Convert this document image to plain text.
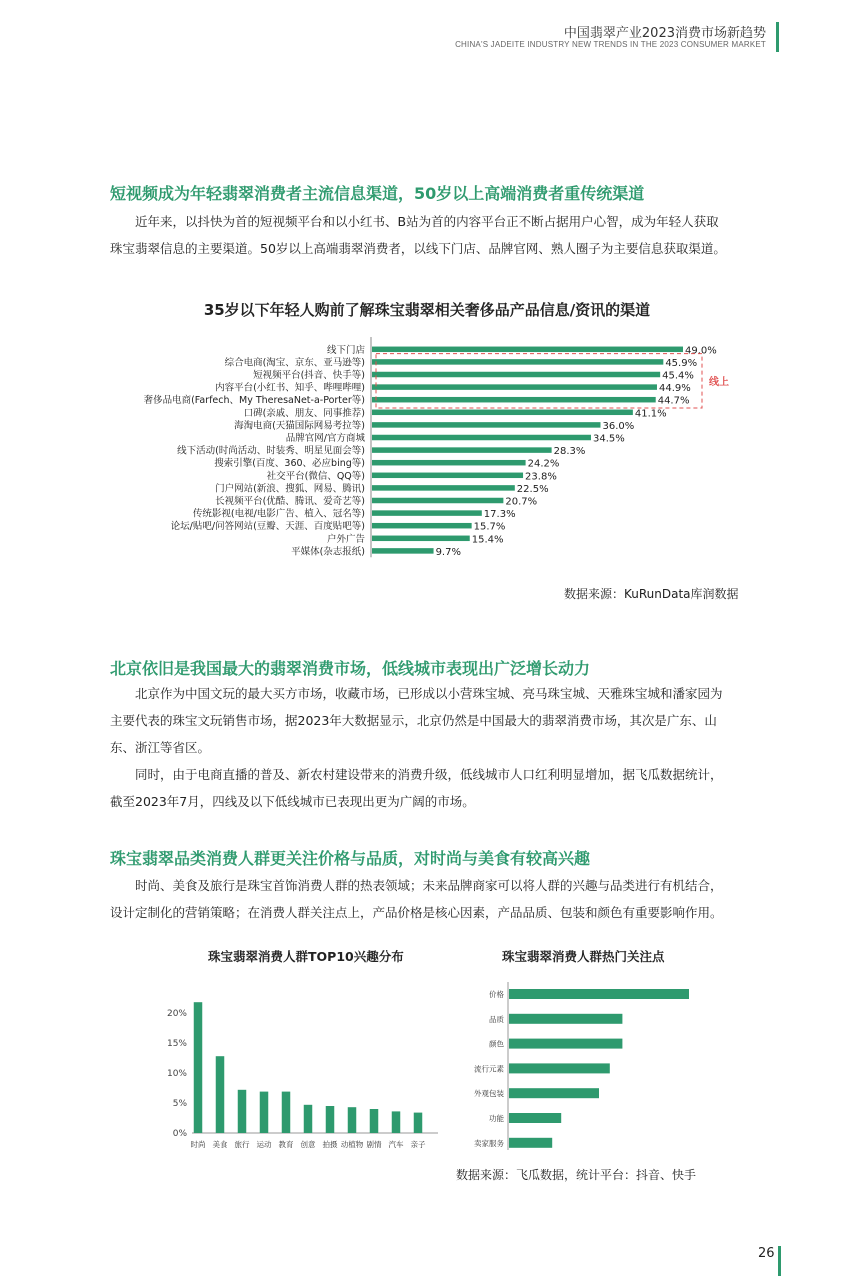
中国翡翠产业2023消费市场新趋势
CHINA'S JADEITE INDUSTRY NEW TRENDS IN THE 2023 CONSUMER MARKET
短视频成为年轻翡翠消费者主流信息渠道，50岁以上高端消费者重传统渠道
近年来，以抖快为首的短视频平台和以小红书、B站为首的内容平台正不断占据用户心智，成为年轻人获取
珠宝翡翠信息的主要渠道。50岁以上高端翡翠消费者，以线下门店、品牌官网、熟人圈子为主要信息获取渠道。
35岁以下年轻人购前了解珠宝翡翠相关奢侈品产品信息/资讯的渠道
线下门店	49.0%
综合电商(淘宝、京东、亚马逊等)	45.9%
短视频平台(抖音、快手等)	45.4%
内容平台(小红书、知乎、哔哩哔哩)	44.9%
奢侈品电商(Farfech、My TheresaNet-a-Porter等)	44.7%
口碑(亲戚、朋友、同事推荐)	41.1%
海淘电商(天猫国际网易考拉等)	36.0%
品牌官网/官方商城	34.5%
线下活动(时尚活动、时装秀、明星见面会等)	28.3%
搜索引擎(百度、360、必应bing等)	24.2%
社交平台(微信、QQ等)	23.8%
门户网站(新浪、搜狐、网易、腾讯)	22.5%
长视频平台(优酷、腾讯、爱奇艺等)	20.7%
传统影视(电视/电影广告、植入、冠名等)	17.3%
论坛/贴吧/问答网站(豆瓣、天涯、百度贴吧等)	15.7%
户外广告	15.4%
平媒体(杂志报纸)	9.7%
线上
数据来源：KuRunData库润数据
北京依旧是我国最大的翡翠消费市场，低线城市表现出广泛增长动力
北京作为中国文玩的最大买方市场，收藏市场，已形成以小营珠宝城、亮马珠宝城、天雅珠宝城和潘家园为
主要代表的珠宝文玩销售市场，据2023年大数据显示，北京仍然是中国最大的翡翠消费市场，其次是广东、山
东、浙江等省区。
同时，由于电商直播的普及、新农村建设带来的消费升级，低线城市人口红利明显增加，据飞瓜数据统计，
截至2023年7月，四线及以下低线城市已表现出更为广阔的市场。
珠宝翡翠品类消费人群更关注价格与品质，对时尚与美食有较高兴趣
时尚、美食及旅行是珠宝首饰消费人群的热表领域；未来品牌商家可以将人群的兴趣与品类进行有机结合，
设计定制化的营销策略；在消费人群关注点上，产品价格是核心因素，产品品质、包装和颜色有重要影响作用。
珠宝翡翠消费人群TOP10兴趣分布
0%
5%
10%
15%
20%
时尚 美食 旅行 运动 教育 创意 拍摄 动植物 剧情 汽车 亲子
珠宝翡翠消费人群热门关注点
价格
品质
颜色
流行元素
外观包装
功能
卖家服务
数据来源：飞瓜数据，统计平台：抖音、快手
26
